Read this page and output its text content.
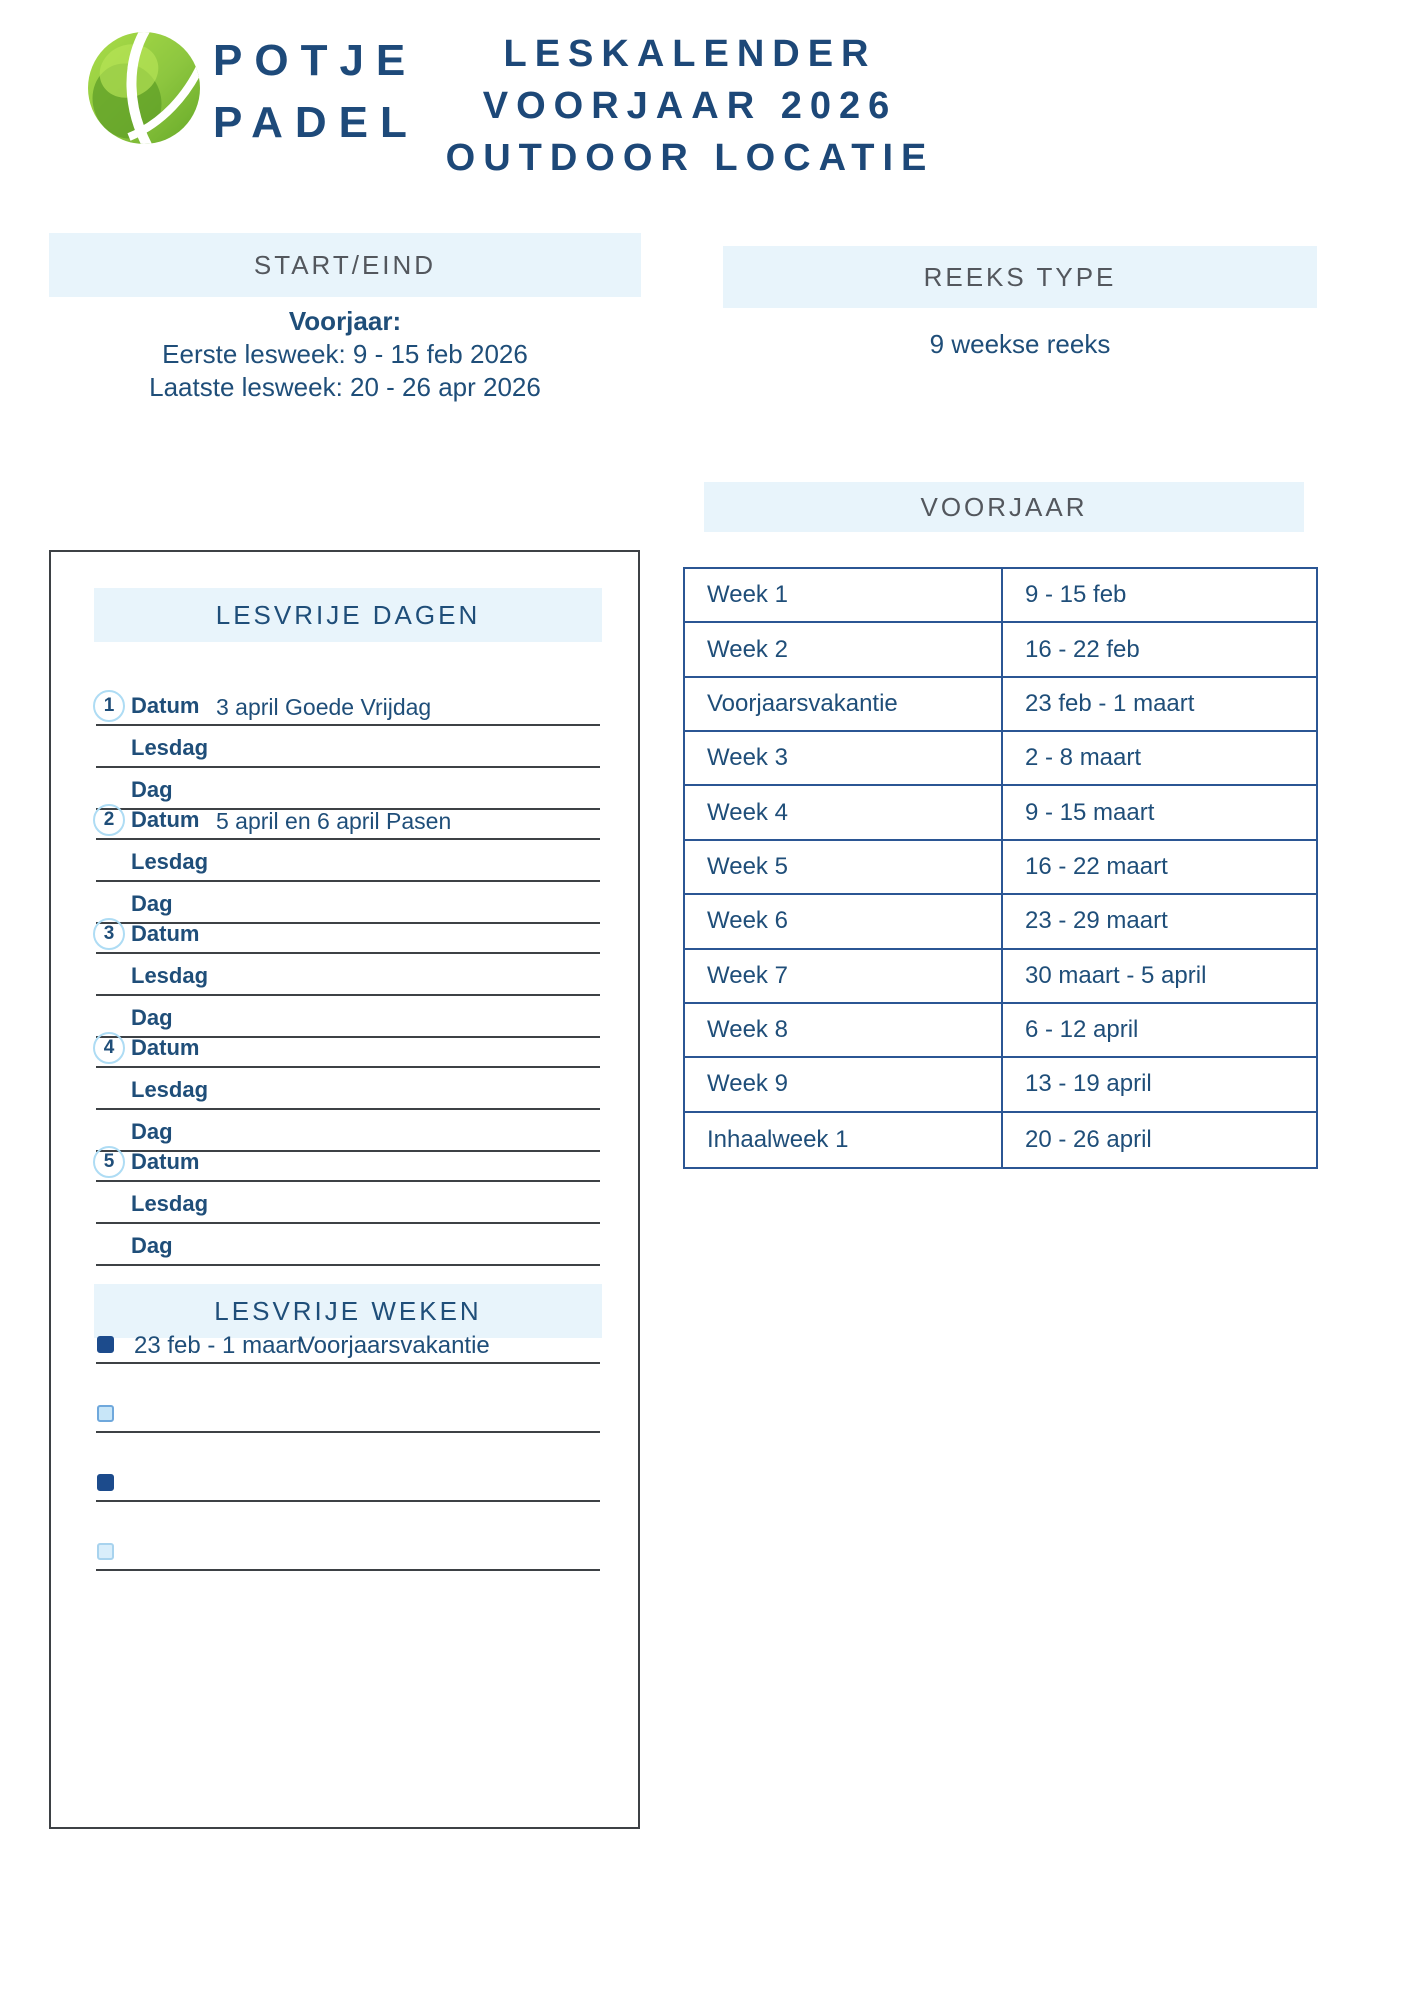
POTJE
PADEL
LESKALENDER
VOORJAAR 2026
OUTDOOR LOCATIE
START/EIND
Voorjaar:
Eerste lesweek: 9 - 15 feb 2026
Laatste lesweek: 20 - 26 apr 2026
REEKS TYPE
9 weekse reeks
VOORJAAR
Week 1	9 - 15 feb
Week 2	16 - 22 feb
Voorjaarsvakantie	23 feb - 1 maart
Week 3	2 - 8 maart
Week 4	9 - 15 maart
Week 5	16 - 22 maart
Week 6	23 - 29 maart
Week 7	30 maart - 5 april
Week 8	6 - 12 april
Week 9	13 - 19 april
Inhaalweek 1	20 - 26 april
LESVRIJE DAGEN
1 Datum 3 april Goede Vrijdag
Lesdag
Dag
2 Datum 5 april en 6 april Pasen
Lesdag
Dag
3 Datum
Lesdag
Dag
4 Datum
Lesdag
Dag
5 Datum
Lesdag
Dag
LESVRIJE WEKEN
23 feb - 1 maart
Voorjaarsvakantie
